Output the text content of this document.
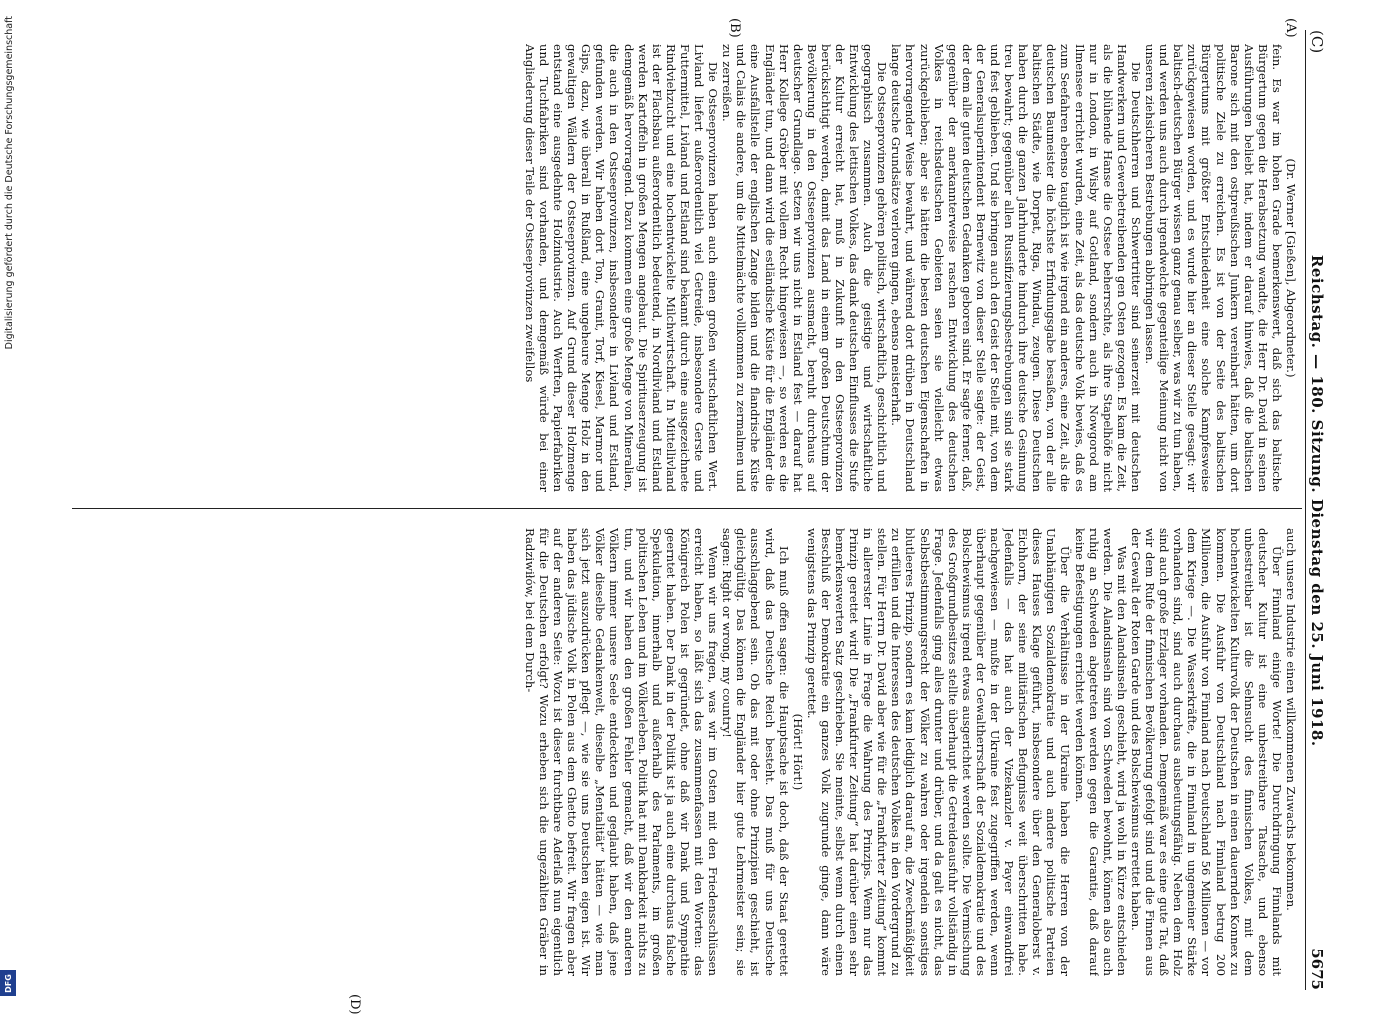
(C)
Reichstag. — 180. Sitzung. Dienstag den 25. Juni 1918.
5675
(A)
(B)
(D)

(Dr. Werner [Gießen], Abgeordneter.)

fein. Es war im hohen Grade bemerkenswert, daß sich das baltische Bürgertum gegen die Herabsetzung wandte, die Herr Dr. David in seinen Ausführungen beliebt hat, indem er darauf hinwies, daß die baltischen Barone sich mit den ostpreußischen Junkern vereinbart hätten, um dort politische Ziele zu erreichen. Es ist von der Seite des baltischen Bürgertums mit größter Entschiedenheit eine solche Kampfesweise zurückgewiesen worden, und es wurde hier an dieser Stelle gesagt: wir baltisch-deutschen Bürger wissen ganz genau selber, was wir zu tun haben, und werden uns auch durch irgendwelche gegenteilige Meinung nicht von unseren ziehsicheren Bestrebungen abbringen lassen.

Die Deutschherren und Schwertritter sind seinerzeit mit deutschen Handwerkern und Gewerbetreibenden gen Osten gezogen. Es kam die Zeit, als die blühende Hanse die Ostsee beherrschte, als ihre Stapelhöfe nicht nur in London, in Wisby auf Gotland, sondern auch in Nowgorod am Ilmensee errichtet wurden, eine Zeit, als das deutsche Volk bewies, daß es zum Seefahren ebenso tauglich ist wie irgend ein anderes, eine Zeit, als die deutschen Baumeister die höchste Erfindungsgabe besaßen, von der alle baltischen Städte, wie Dorpat, Riga, Windau, zeugen. Diese Deutschen haben durch die ganzen Jahrhunderte hindurch ihre deutsche Gesinnung treu bewahrt; gegenüber allen Russifizierungsbestrebungen sind sie stark und fest geblieben. Und sie bringen auch den Geist der Stelle mit, von dem der Generalsuperintendent Bernewitz von dieser Stelle sagte: der Geist, der dem alle guten deutschen Gedanken geboren sind. Er sagte ferner, daß, gegenüber der anerkannterweise raschen Entwicklung des deutschen Volkes in reichsdeutschen Gebieten seien sie vielleicht etwas zurückgeblieben; aber sie hätten die besten deutschen Eigenschaften in hervorragender Weise bewahrt, und während dort drüben in Deutschland lange deutsche Grundsätze verloren gingen, ebenso meisterhaft.

Die Ostseeprovinzen gehören politisch, wirtschaftlich, geschichtlich und geographisch zusammen. Auch die geistige und wirtschaftliche Entwicklung des lettischen Volkes, das dank deutschen Einflusses die Stufe der Kultur erreicht hat, muß in Zukunft in den Ostseeprovinzen berücksichtigt werden, damit das Land in einem großen Deutschtum der Bevölkerung in den Ostseeprovinzen ausmacht, beruht durchaus auf deutscher Grundlage. Setzen wir uns nicht in Estland fest — darauf hat Herr Kollege Gröber mit vollem Recht hingewiesen —, so werden es die Engländer tun, und dann wird die estländische Küste für die Engländer die eine Ausfallstelle der englischen Zange bilden und die flandrische Küste und Calais die andere, um die Mittelmächte vollkommen zu zermalmen und zu zerreißen.

Die Ostseeprovinzen haben auch einen großen wirtschaftlichen Wert. Livland liefert außerordentlich viel Getreide, insbesondere Gerste und Futtermittel, Livland und Estland sind bekannt durch eine ausgezeichnete Rindviehzucht und eine hochentwickelte Milchwirtschaft. In Mittellivland ist der Flachsbau außerordentlich bedeutend, in Nordlivland und Estland werden Kartoffeln in großen Mengen angebaut. Die Spirituserzeugung ist demgemäß hervorragend. Dazu kommen eine große Menge von Mineralien, die auch in den Ostseeprovinzen, insbesondere in Livland und Estland, gefunden werden. Wir haben dort Ton, Granit, Torf, Kiesel, Marmor und Gips, dazu, wie überall in Rußland, eine ungeheure Menge Holz in den gewaltigen Wäldern der Ostseeprovinzen. Auf Grund dieser Holzmenge entstand eine ausgedehnte Holzindustrie. Auch Werften, Papierfabriken und Tuchfabriken sind vorhanden, und demgemäß würde bei einer Angliederung dieser Teile der Ostseeprovinzen zweifellos

auch unsere Industrie einen willkommenen Zuwachs bekommen.

Über Finnland einige Worte! Die Durchdringung Finnlands mit deutscher Kultur ist eine unbestreitbare Tatsache, und ebenso unbestreitbar ist die Sehnsucht des finnischen Volkes, mit dem hochentwickelten Kulturvolk der Deutschen in einen dauernden Konnex zu kommen. Die Ausfuhr von Deutschland nach Finnland betrug 200 Millionen, die Ausfuhr von Finnland nach Deutschland 56 Millionen — vor dem Kriege —. Die Wasserkräfte, die in Finnland in ungemeiner Stärke vorhanden sind, sind auch durchaus ausbeutungsfähig. Neben dem Holz sind auch große Erzlager vorhanden. Demgemäß war es eine gute Tat, daß wir dem Rufe der finnischen Bevölkerung gefolgt sind und die Finnen aus der Gewalt der Roten Garde und des Bolschewismus errettet haben.

Was mit den Alandsinseln geschieht, wird ja wohl in Kürze entschieden werden. Die Alandsinseln sind von Schweden bewohnt, können also auch ruhig an Schweden abgetreten werden gegen die Garantie, daß darauf keine Befestigungen errichtet werden können.

Über die Verhältnisse in der Ukraine haben die Herren von der Unabhängigen Sozialdemokratie und auch andere politische Parteien dieses Hauses Klage geführt, insbesondere über den Generaloberst v. Eichhorn, der seine militärischen Befugnisse weit überschritten habe. Jedenfalls — das hat auch der Vizekanzler v. Payer einwandfrei nachgewiesen — mußte in der Ukraine fest zugegriffen werden, wenn überhaupt gegenüber der Gewaltherrschaft der Sozialdemokratie und des Bolschewismus irgend etwas ausgerichtet werden sollte. Die Vermischung des Großgrundbesitzes stellte überhaupt die Getreideausfuhr vollständig in Frage. Jedenfalls ging alles drunter und drüber, und da galt es nicht, das Selbstbestimmungsrecht der Völker zu wahren oder irgendein sonstiges blutleeres Prinzip, sondern es kam lediglich darauf an, die Zweckmäßigkeit zu erfüllen und die Interessen des deutschen Volkes in den Vordergrund zu stellen. Für Herrn Dr. David aber wie für die „Frankfurter Zeitung“ kommt in allererster Linie in Frage die Wahrung des Prinzips. Wenn nur das Prinzip gerettet wird! Die „Frankfurter Zeitung“ hat darüber einen sehr bemerkenswerten Satz geschrieben. Sie meinte, selbst wenn durch einen Beschluß der Demokratie ein ganzes Volk zugrunde ginge, dann wäre wenigstens das Prinzip gerettet.

(Hört! Hört!)

Ich muß offen sagen: die Hauptsache ist doch, daß der Staat gerettet wird, daß das Deutsche Reich besteht. Das muß für uns Deutsche ausschlaggebend sein. Ob das mit oder ohne Prinzipien geschieht, ist gleichgültig. Das können die Engländer hier gute Lehrmeister sein; sie sagen: Right or wrong, my country!

Wenn wir uns fragen, was wir im Osten mit den Friedensschlüssen erreicht haben, so läßt sich das zusammenfassen mit den Worten: das Königreich Polen ist gegründet, ohne daß wir Dank und Sympathie geerntet haben. Der Dank in der Politik ist ja auch eine durchaus falsche Spekulation, innerhalb und außerhalb des Parlaments, im großen politischen Leben und im Völkerleben. Politik hat mit Dankbarkeit nichts zu tun, und wir haben den großen Fehler gemacht, daß wir den anderen Völkern immer unsere Seele entdeckten und geglaubt haben, daß jene Völker dieselbe Gedankenwelt, dieselbe „Mentalität“ hätten — wie man sich jetzt auszudrücken pflegt —, wie sie uns Deutschen eigen ist. Wir haben das jüdische Volk in Polen aus dem Ghetto befreit. Wir fragen aber auf der anderen Seite: Wozu ist dieser furchtbare Aderlaß nun eigentlich für die Deutschen erfolgt? Wozu erheben sich die ungezählten Gräber in Radziwiłów, bei dem Durch-

Digitalisierung gefördert durch die Deutsche Forschungsgemeinschaft
DFG
